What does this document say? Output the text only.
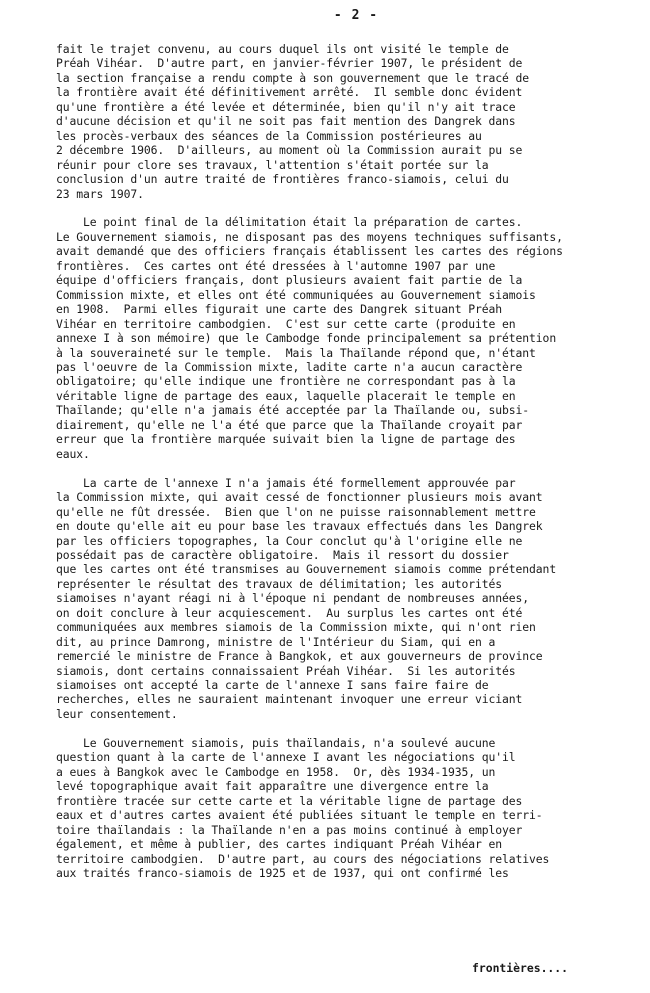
- 2 -
fait le trajet convenu, au cours duquel ils ont visité le temple de
Préah Vihéar.  D'autre part, en janvier-février 1907, le président de
la section française a rendu compte à son gouvernement que le tracé de
la frontière avait été définitivement arrêté.  Il semble donc évident
qu'une frontière a été levée et déterminée, bien qu'il n'y ait trace
d'aucune décision et qu'il ne soit pas fait mention des Dangrek dans
les procès-verbaux des séances de la Commission postérieures au
2 décembre 1906.  D'ailleurs, au moment où la Commission aurait pu se
réunir pour clore ses travaux, l'attention s'était portée sur la
conclusion d'un autre traité de frontières franco-siamois, celui du
23 mars 1907.
Le point final de la délimitation était la préparation de cartes.
Le Gouvernement siamois, ne disposant pas des moyens techniques suffisants,
avait demandé que des officiers français établissent les cartes des régions
frontières.  Ces cartes ont été dressées à l'automne 1907 par une
équipe d'officiers français, dont plusieurs avaient fait partie de la
Commission mixte, et elles ont été communiquées au Gouvernement siamois
en 1908.  Parmi elles figurait une carte des Dangrek situant Préah
Vihéar en territoire cambodgien.  C'est sur cette carte (produite en
annexe I à son mémoire) que le Cambodge fonde principalement sa prétention
à la souveraineté sur le temple.  Mais la Thaïlande répond que, n'étant
pas l'oeuvre de la Commission mixte, ladite carte n'a aucun caractère
obligatoire; qu'elle indique une frontière ne correspondant pas à la
véritable ligne de partage des eaux, laquelle placerait le temple en
Thaïlande; qu'elle n'a jamais été acceptée par la Thaïlande ou, subsi-
diairement, qu'elle ne l'a été que parce que la Thaïlande croyait par
erreur que la frontière marquée suivait bien la ligne de partage des
eaux.
La carte de l'annexe I n'a jamais été formellement approuvée par
la Commission mixte, qui avait cessé de fonctionner plusieurs mois avant
qu'elle ne fût dressée.  Bien que l'on ne puisse raisonnablement mettre
en doute qu'elle ait eu pour base les travaux effectués dans les Dangrek
par les officiers topographes, la Cour conclut qu'à l'origine elle ne
possédait pas de caractère obligatoire.  Mais il ressort du dossier
que les cartes ont été transmises au Gouvernement siamois comme prétendant
représenter le résultat des travaux de délimitation; les autorités
siamoises n'ayant réagi ni à l'époque ni pendant de nombreuses années,
on doit conclure à leur acquiescement.  Au surplus les cartes ont été
communiquées aux membres siamois de la Commission mixte, qui n'ont rien
dit, au prince Damrong, ministre de l'Intérieur du Siam, qui en a
remercié le ministre de France à Bangkok, et aux gouverneurs de province
siamois, dont certains connaissaient Préah Vihéar.  Si les autorités
siamoises ont accepté la carte de l'annexe I sans faire faire de
recherches, elles ne sauraient maintenant invoquer une erreur viciant
leur consentement.
Le Gouvernement siamois, puis thaïlandais, n'a soulevé aucune
question quant à la carte de l'annexe I avant les négociations qu'il
a eues à Bangkok avec le Cambodge en 1958.  Or, dès 1934-1935, un
levé topographique avait fait apparaître une divergence entre la
frontière tracée sur cette carte et la véritable ligne de partage des
eaux et d'autres cartes avaient été publiées situant le temple en terri-
toire thaïlandais : la Thaïlande n'en a pas moins continué à employer
également, et même à publier, des cartes indiquant Préah Vihéar en
territoire cambodgien.  D'autre part, au cours des négociations relatives
aux traités franco-siamois de 1925 et de 1937, qui ont confirmé les
frontières....
